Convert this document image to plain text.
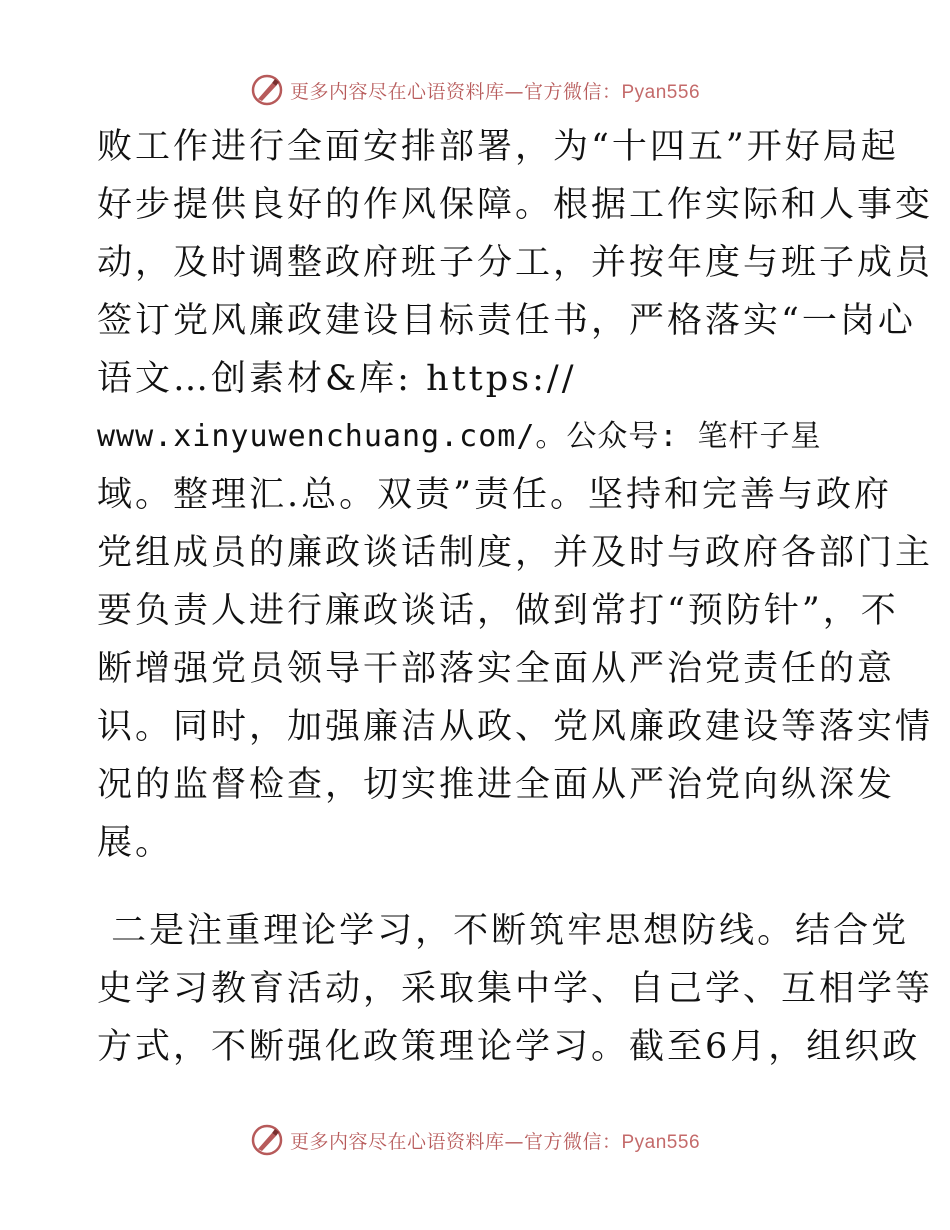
更多内容尽在心语资料库—官方微信：Pyan556
败工作进行全面安排部署，为“十四五”开好局起
好步提供良好的作风保障。根据工作实际和人事变
动，及时调整政府班子分工，并按年度与班子成员
签订党风廉政建设目标责任书，严格落实“一岗心
语文…创素材&库: https://
www.xinyuwenchuang.com/。公众号: 笔杆子星
域。整理汇.总。双责”责任。坚持和完善与政府
党组成员的廉政谈话制度，并及时与政府各部门主
要负责人进行廉政谈话，做到常打“预防针”，不
断增强党员领导干部落实全面从严治党责任的意
识。同时，加强廉洁从政、党风廉政建设等落实情
况的监督检查，切实推进全面从严治党向纵深发
展。
二是注重理论学习，不断筑牢思想防线。结合党
史学习教育活动，采取集中学、自己学、互相学等
方式，不断强化政策理论学习。截至6月，组织政
更多内容尽在心语资料库—官方微信：Pyan556
